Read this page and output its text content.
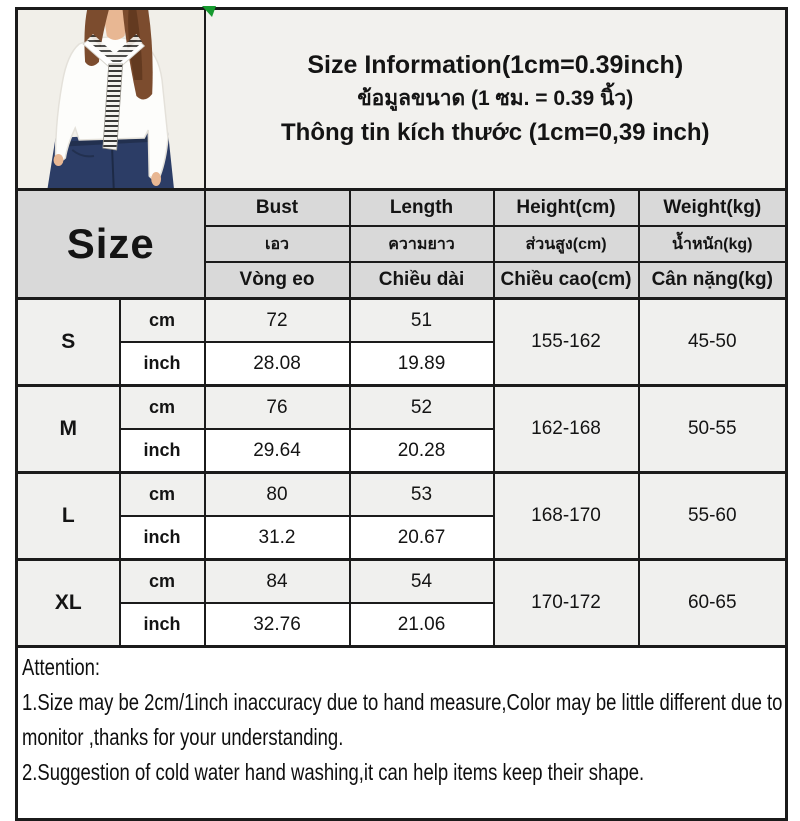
Size Information(1cm=0.39inch)
ข้อมูลขนาด (1 ซม. = 0.39 นิ้ว)
Thông tin kích thước (1cm=0,39 inch)			

Size		Bust	Length	Height(cm)	Weight(kg)
		เอว	ความยาว	ส่วนสูง(cm)	น้ำหนัก(kg)
		Vòng eo	Chiều dài	Chiều cao(cm)	Cân nặng(kg)
S	cm	72	51	155-162	45-50
	inch	28.08	19.89		
M	cm	76	52	162-168	50-55
	inch	29.64	20.28		
L	cm	80	53	168-170	55-60
	inch	31.2	20.67		
XL	cm	84	54	170-172	60-65
	inch	32.76	21.06		

Attention:

1.Size may be 2cm/1inch inaccuracy due to hand measure,Color may be little different due to monitor ,thanks for your understanding.

2.Suggestion of cold water hand washing,it can help items keep their shape.					
